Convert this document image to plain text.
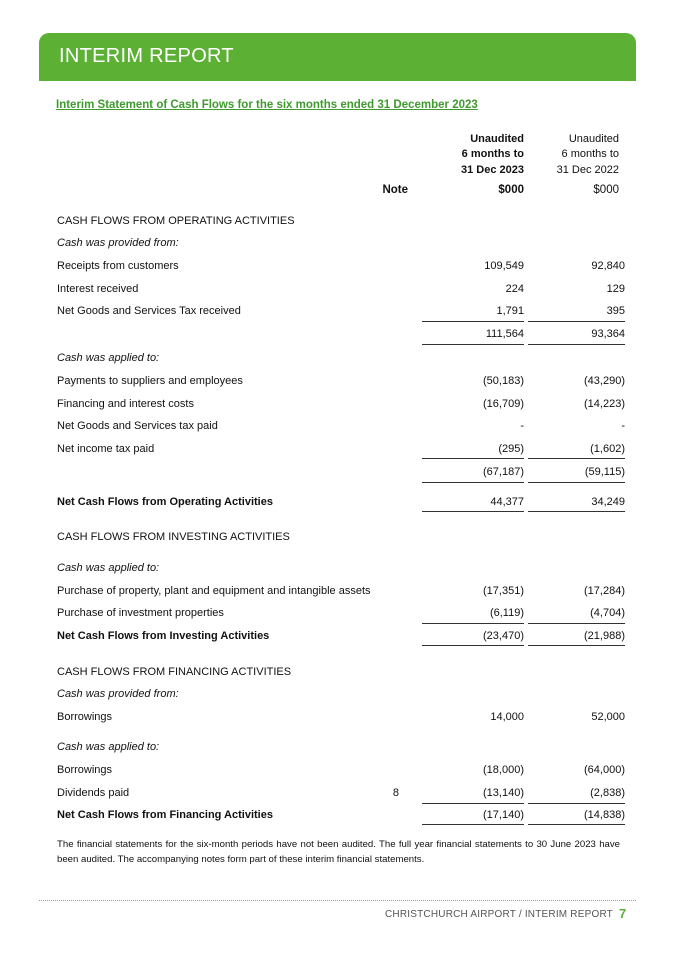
INTERIM REPORT
Interim Statement of Cash Flows for the six months ended 31 December 2023
Unaudited
6 months to
31 Dec 2023
Unaudited
6 months to
31 Dec 2022
Note	$000	$000
CASH FLOWS FROM OPERATING ACTIVITIES
Cash was provided from:
Receipts from customers	109,549	92,840
Interest received	224	129
Net Goods and Services Tax received	1,791	395
111,564	93,364
Cash was applied to:
Payments to suppliers and employees	(50,183)	(43,290)
Financing and interest costs	(16,709)	(14,223)
Net Goods and Services tax paid	-	-
Net income tax paid	(295)	(1,602)
(67,187)	(59,115)
Net Cash Flows from Operating Activities	44,377	34,249
CASH FLOWS FROM INVESTING ACTIVITIES
Cash was applied to:
Purchase of property, plant and equipment and intangible assets	(17,351)	(17,284)
Purchase of investment properties	(6,119)	(4,704)
Net Cash Flows from Investing Activities	(23,470)	(21,988)
CASH FLOWS FROM FINANCING ACTIVITIES
Cash was provided from:
Borrowings	14,000	52,000
Cash was applied to:
Borrowings	(18,000)	(64,000)
Dividends paid	8	(13,140)	(2,838)
Net Cash Flows from Financing Activities	(17,140)	(14,838)
The financial statements for the six-month periods have not been audited. The full year financial statements to 30 June 2023 have been audited. The accompanying notes form part of these interim financial statements.
CHRISTCHURCH AIRPORT / INTERIM REPORT 7
